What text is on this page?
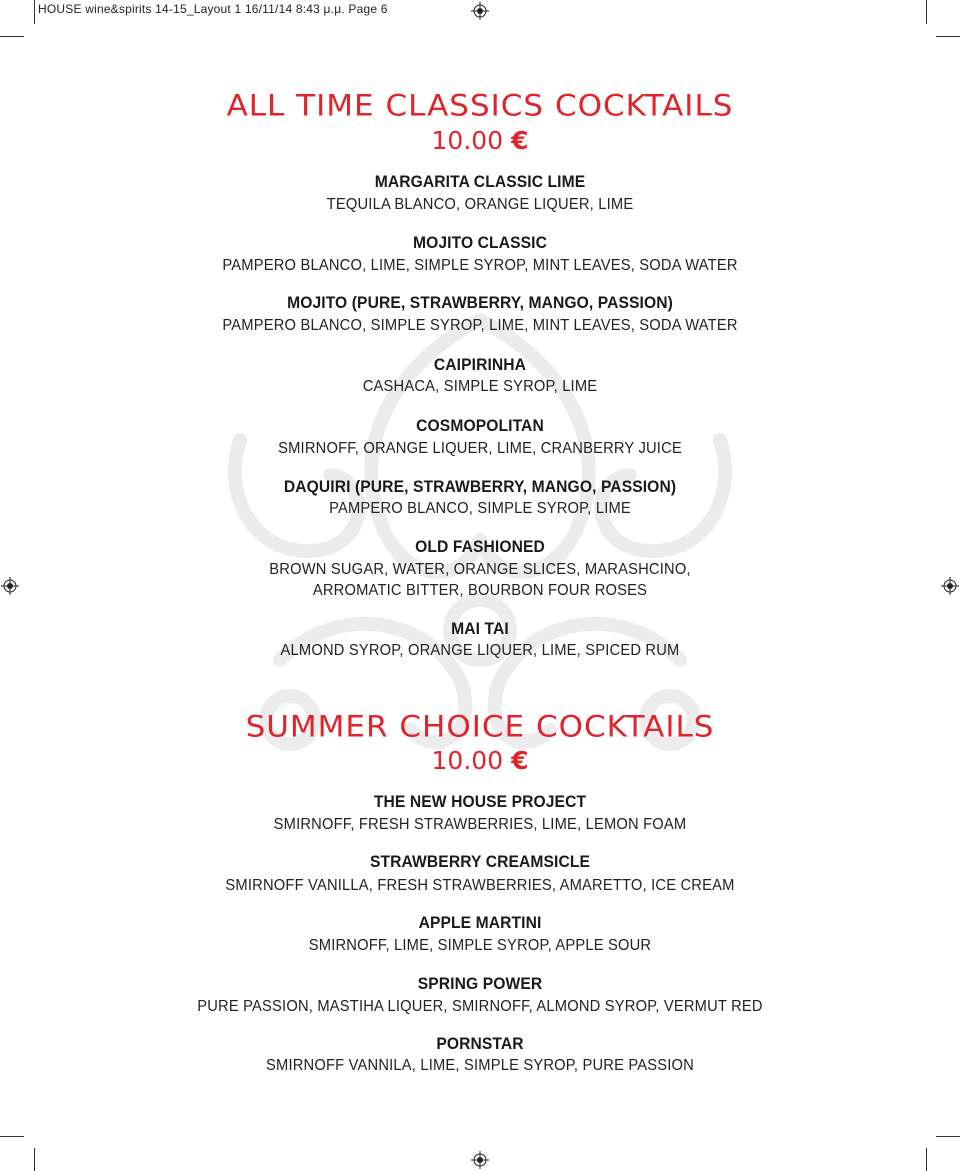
HOUSE wine&spirits 14-15_Layout 1 16/11/14 8:43 μ.μ. Page 6
ALL TIME CLASSICS COCKTAILS
10.00 €
MARGARITA CLASSIC LIME
TEQUILA BLANCO, ORANGE LIQUER, LIME
MOJITO CLASSIC
PAMPERO BLANCO, LIME, SIMPLE SYROP, MINT LEAVES, SODA WATER
MOJITO (PURE, STRAWBERRY, MANGO, PASSION)
PAMPERO BLANCO, SIMPLE SYROP, LIME, MINT LEAVES, SODA WATER
CAIPIRINHA
CASHACA, SIMPLE SYROP, LIME
COSMOPOLITAN
SMIRNOFF, ORANGE LIQUER, LIME, CRANBERRY JUICE
DAQUIRI (PURE, STRAWBERRY, MANGO, PASSION)
PAMPERO BLANCO, SIMPLE SYROP, LIME
OLD FASHIONED
BROWN SUGAR, WATER, ORANGE SLICES, MARASHCINO,
ARROMATIC BITTER, BOURBON FOUR ROSES
MAI TAI
ALMOND SYROP, ORANGE LIQUER, LIME, SPICED RUM
SUMMER CHOICE COCKTAILS
10.00 €
THE NEW HOUSE PROJECT
SMIRNOFF, FRESH STRAWBERRIES, LIME, LEMON FOAM
STRAWBERRY CREAMSICLE
SMIRNOFF VANILLA, FRESH STRAWBERRIES, AMARETTO, ICE CREAM
APPLE MARTINI
SMIRNOFF, LIME, SIMPLE SYROP, APPLE SOUR
SPRING POWER
PURE PASSION, MASTIHA LIQUER, SMIRNOFF, ALMOND SYROP, VERMUT RED
PORNSTAR
SMIRNOFF VANNILA, LIME, SIMPLE SYROP, PURE PASSION
